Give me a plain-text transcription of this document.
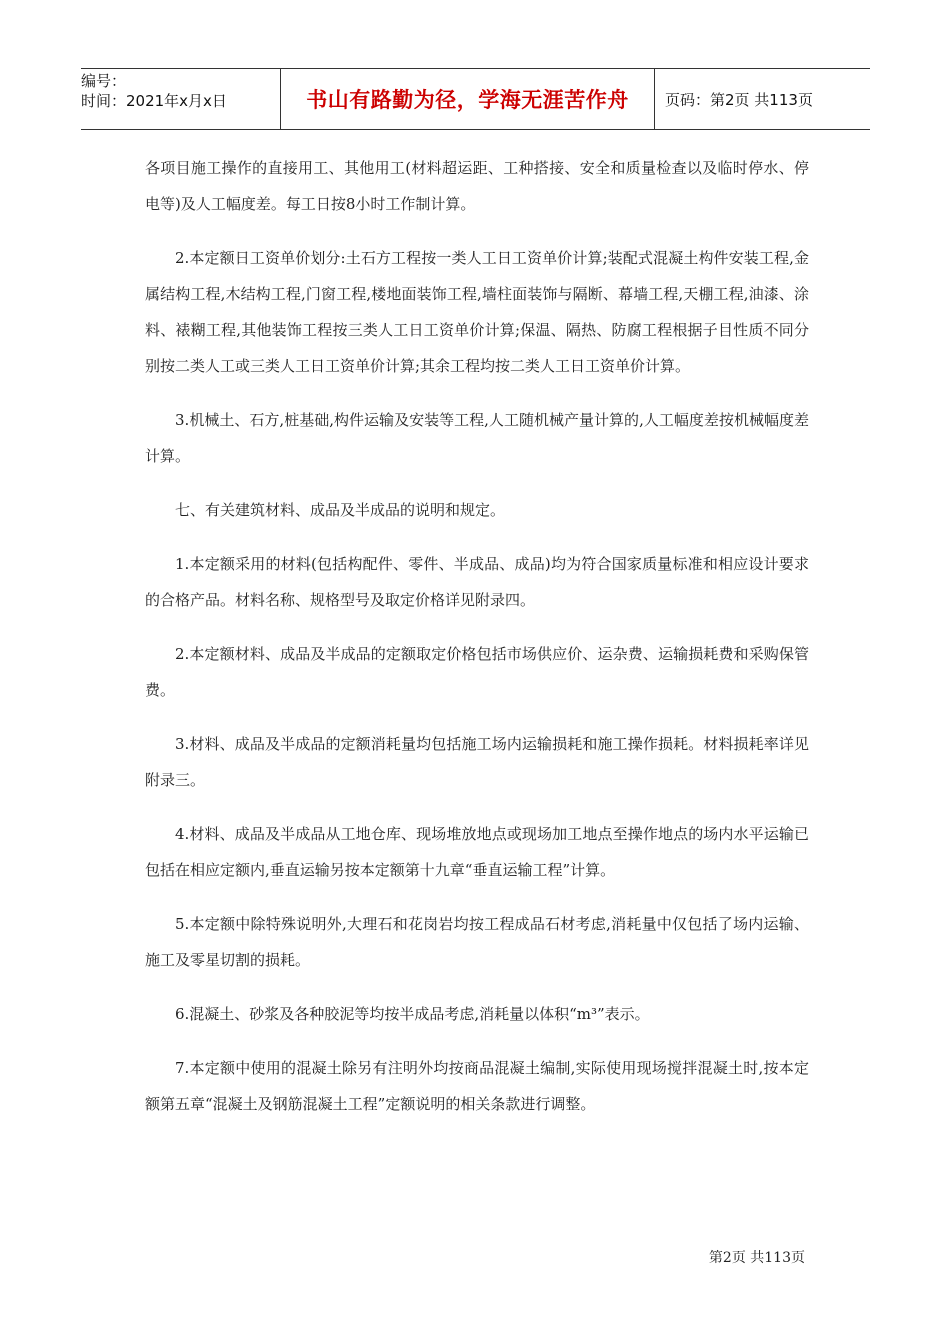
编号：
时间：2021年x月x日	书山有路勤为径，学海无涯苦作舟	页码：第2页 共113页

各项目施工操作的直接用工、其他用工(材料超运距、工种搭接、安全和质量检查以及临时停水、停电等)及人工幅度差。每工日按8小时工作制计算。

2.本定额日工资单价划分:土石方工程按一类人工日工资单价计算;装配式混凝土构件安装工程,金属结构工程,木结构工程,门窗工程,楼地面装饰工程,墙柱面装饰与隔断、幕墙工程,天棚工程,油漆、涂料、裱糊工程,其他装饰工程按三类人工日工资单价计算;保温、隔热、防腐工程根据子目性质不同分别按二类人工或三类人工日工资单价计算;其余工程均按二类人工日工资单价计算。

3.机械土、石方,桩基础,构件运输及安装等工程,人工随机械产量计算的,人工幅度差按机械幅度差计算。

七、有关建筑材料、成品及半成品的说明和规定。

1.本定额采用的材料(包括构配件、零件、半成品、成品)均为符合国家质量标准和相应设计要求的合格产品。材料名称、规格型号及取定价格详见附录四。

2.本定额材料、成品及半成品的定额取定价格包括市场供应价、运杂费、运输损耗费和采购保管费。

3.材料、成品及半成品的定额消耗量均包括施工场内运输损耗和施工操作损耗。材料损耗率详见附录三。

4.材料、成品及半成品从工地仓库、现场堆放地点或现场加工地点至操作地点的场内水平运输已包括在相应定额内,垂直运输另按本定额第十九章“垂直运输工程”计算。

5.本定额中除特殊说明外,大理石和花岗岩均按工程成品石材考虑,消耗量中仅包括了场内运输、施工及零星切割的损耗。

6.混凝土、砂浆及各种胶泥等均按半成品考虑,消耗量以体积“m³”表示。

7.本定额中使用的混凝土除另有注明外均按商品混凝土编制,实际使用现场搅拌混凝土时,按本定额第五章“混凝土及钢筋混凝土工程”定额说明的相关条款进行调整。

第2页 共113页
